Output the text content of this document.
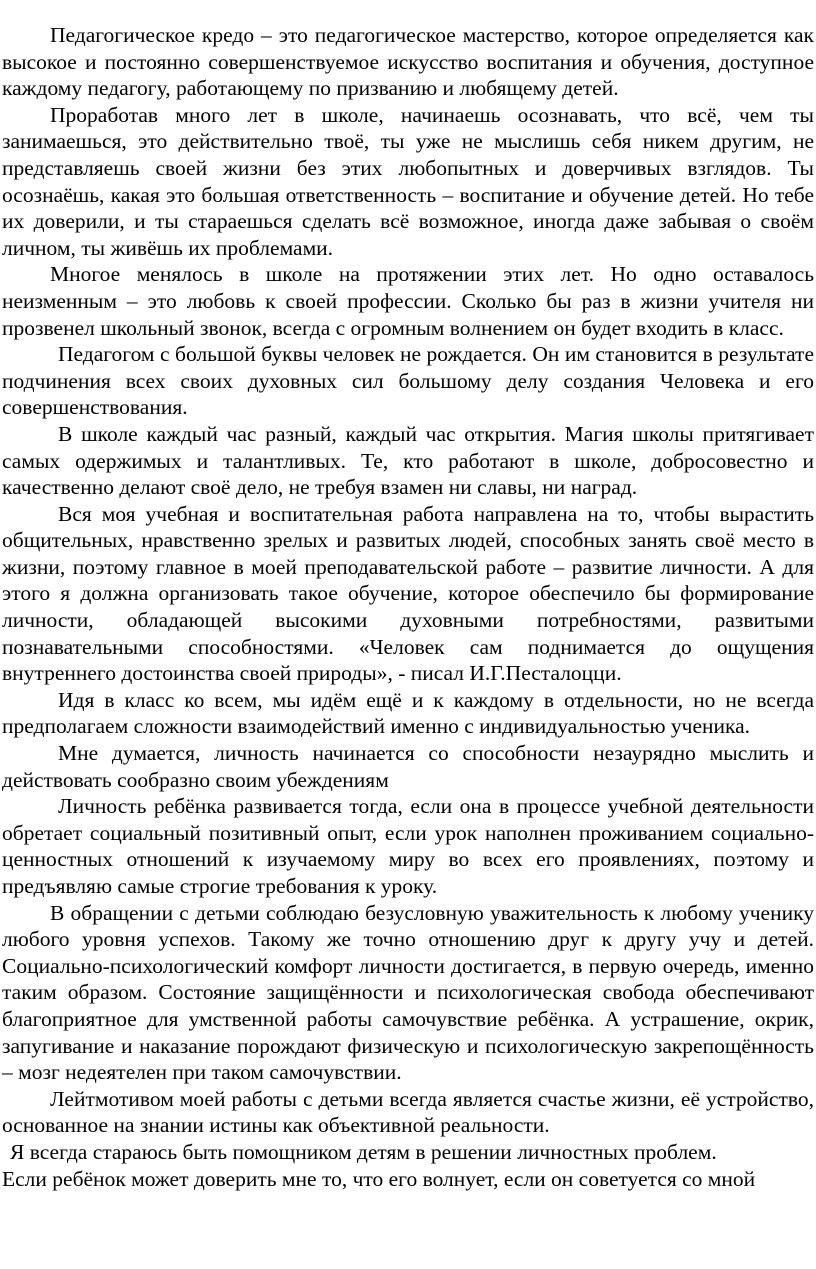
Педагогическое кредо – это педагогическое мастерство, которое определяется как высокое и постоянно совершенствуемое искусство воспитания и обучения, доступное каждому педагогу, работающему по призванию и любящему детей.

Проработав много лет в школе, начинаешь осознавать, что всё, чем ты занимаешься, это действительно твоё, ты уже не мыслишь себя никем другим, не представляешь своей жизни без этих любопытных и доверчивых взглядов. Ты осознаёшь, какая это большая ответственность – воспитание и обучение детей. Но тебе их доверили, и ты стараешься сделать всё возможное, иногда даже забывая о своём личном, ты живёшь их проблемами.

Многое менялось в школе на протяжении этих лет. Но одно оставалось неизменным – это любовь к своей профессии. Сколько бы раз в жизни учителя ни прозвенел школьный звонок, всегда с огромным волнением он будет входить в класс.

Педагогом с большой буквы человек не рождается. Он им становится в результате подчинения всех своих духовных сил большому делу создания Человека и его совершенствования.

В школе каждый час разный, каждый час открытия. Магия школы притягивает самых одержимых и талантливых. Те, кто работают в школе, добросовестно и качественно делают своё дело, не требуя взамен ни славы, ни наград.

Вся моя учебная и воспитательная работа направлена на то, чтобы вырастить общительных, нравственно зрелых и развитых людей, способных занять своё место в жизни, поэтому главное в моей преподавательской работе – развитие личности. А для этого я должна организовать такое обучение, которое обеспечило бы формирование личности, обладающей высокими духовными потребностями, развитыми познавательными способностями. «Человек сам поднимается до ощущения внутреннего достоинства своей природы», - писал И.Г.Песталоцци.

Идя в класс ко всем, мы идём ещё и к каждому в отдельности, но не всегда предполагаем сложности взаимодействий именно с индивидуальностью ученика.

Мне думается, личность начинается со способности незаурядно мыслить и действовать сообразно своим убеждениям

Личность ребёнка развивается тогда, если она в процессе учебной деятельности обретает социальный позитивный опыт, если урок наполнен проживанием социально-ценностных отношений к изучаемому миру во всех его проявлениях, поэтому и предъявляю самые строгие требования к уроку.

В обращении с детьми соблюдаю безусловную уважительность к любому ученику любого уровня успехов. Такому же точно отношению друг к другу учу и детей. Социально-психологический комфорт личности достигается, в первую очередь, именно таким образом. Состояние защищённости и психологическая свобода обеспечивают благоприятное для умственной работы самочувствие ребёнка. А устрашение, окрик, запугивание и наказание порождают физическую и психологическую закрепощённость – мозг недеятелен при таком самочувствии.

Лейтмотивом моей работы с детьми всегда является счастье жизни, её устройство, основанное на знании истины как объективной реальности.

Я всегда стараюсь быть помощником детям в решении личностных проблем.

Если ребёнок может доверить мне то, что его волнует, если он советуется со мной
